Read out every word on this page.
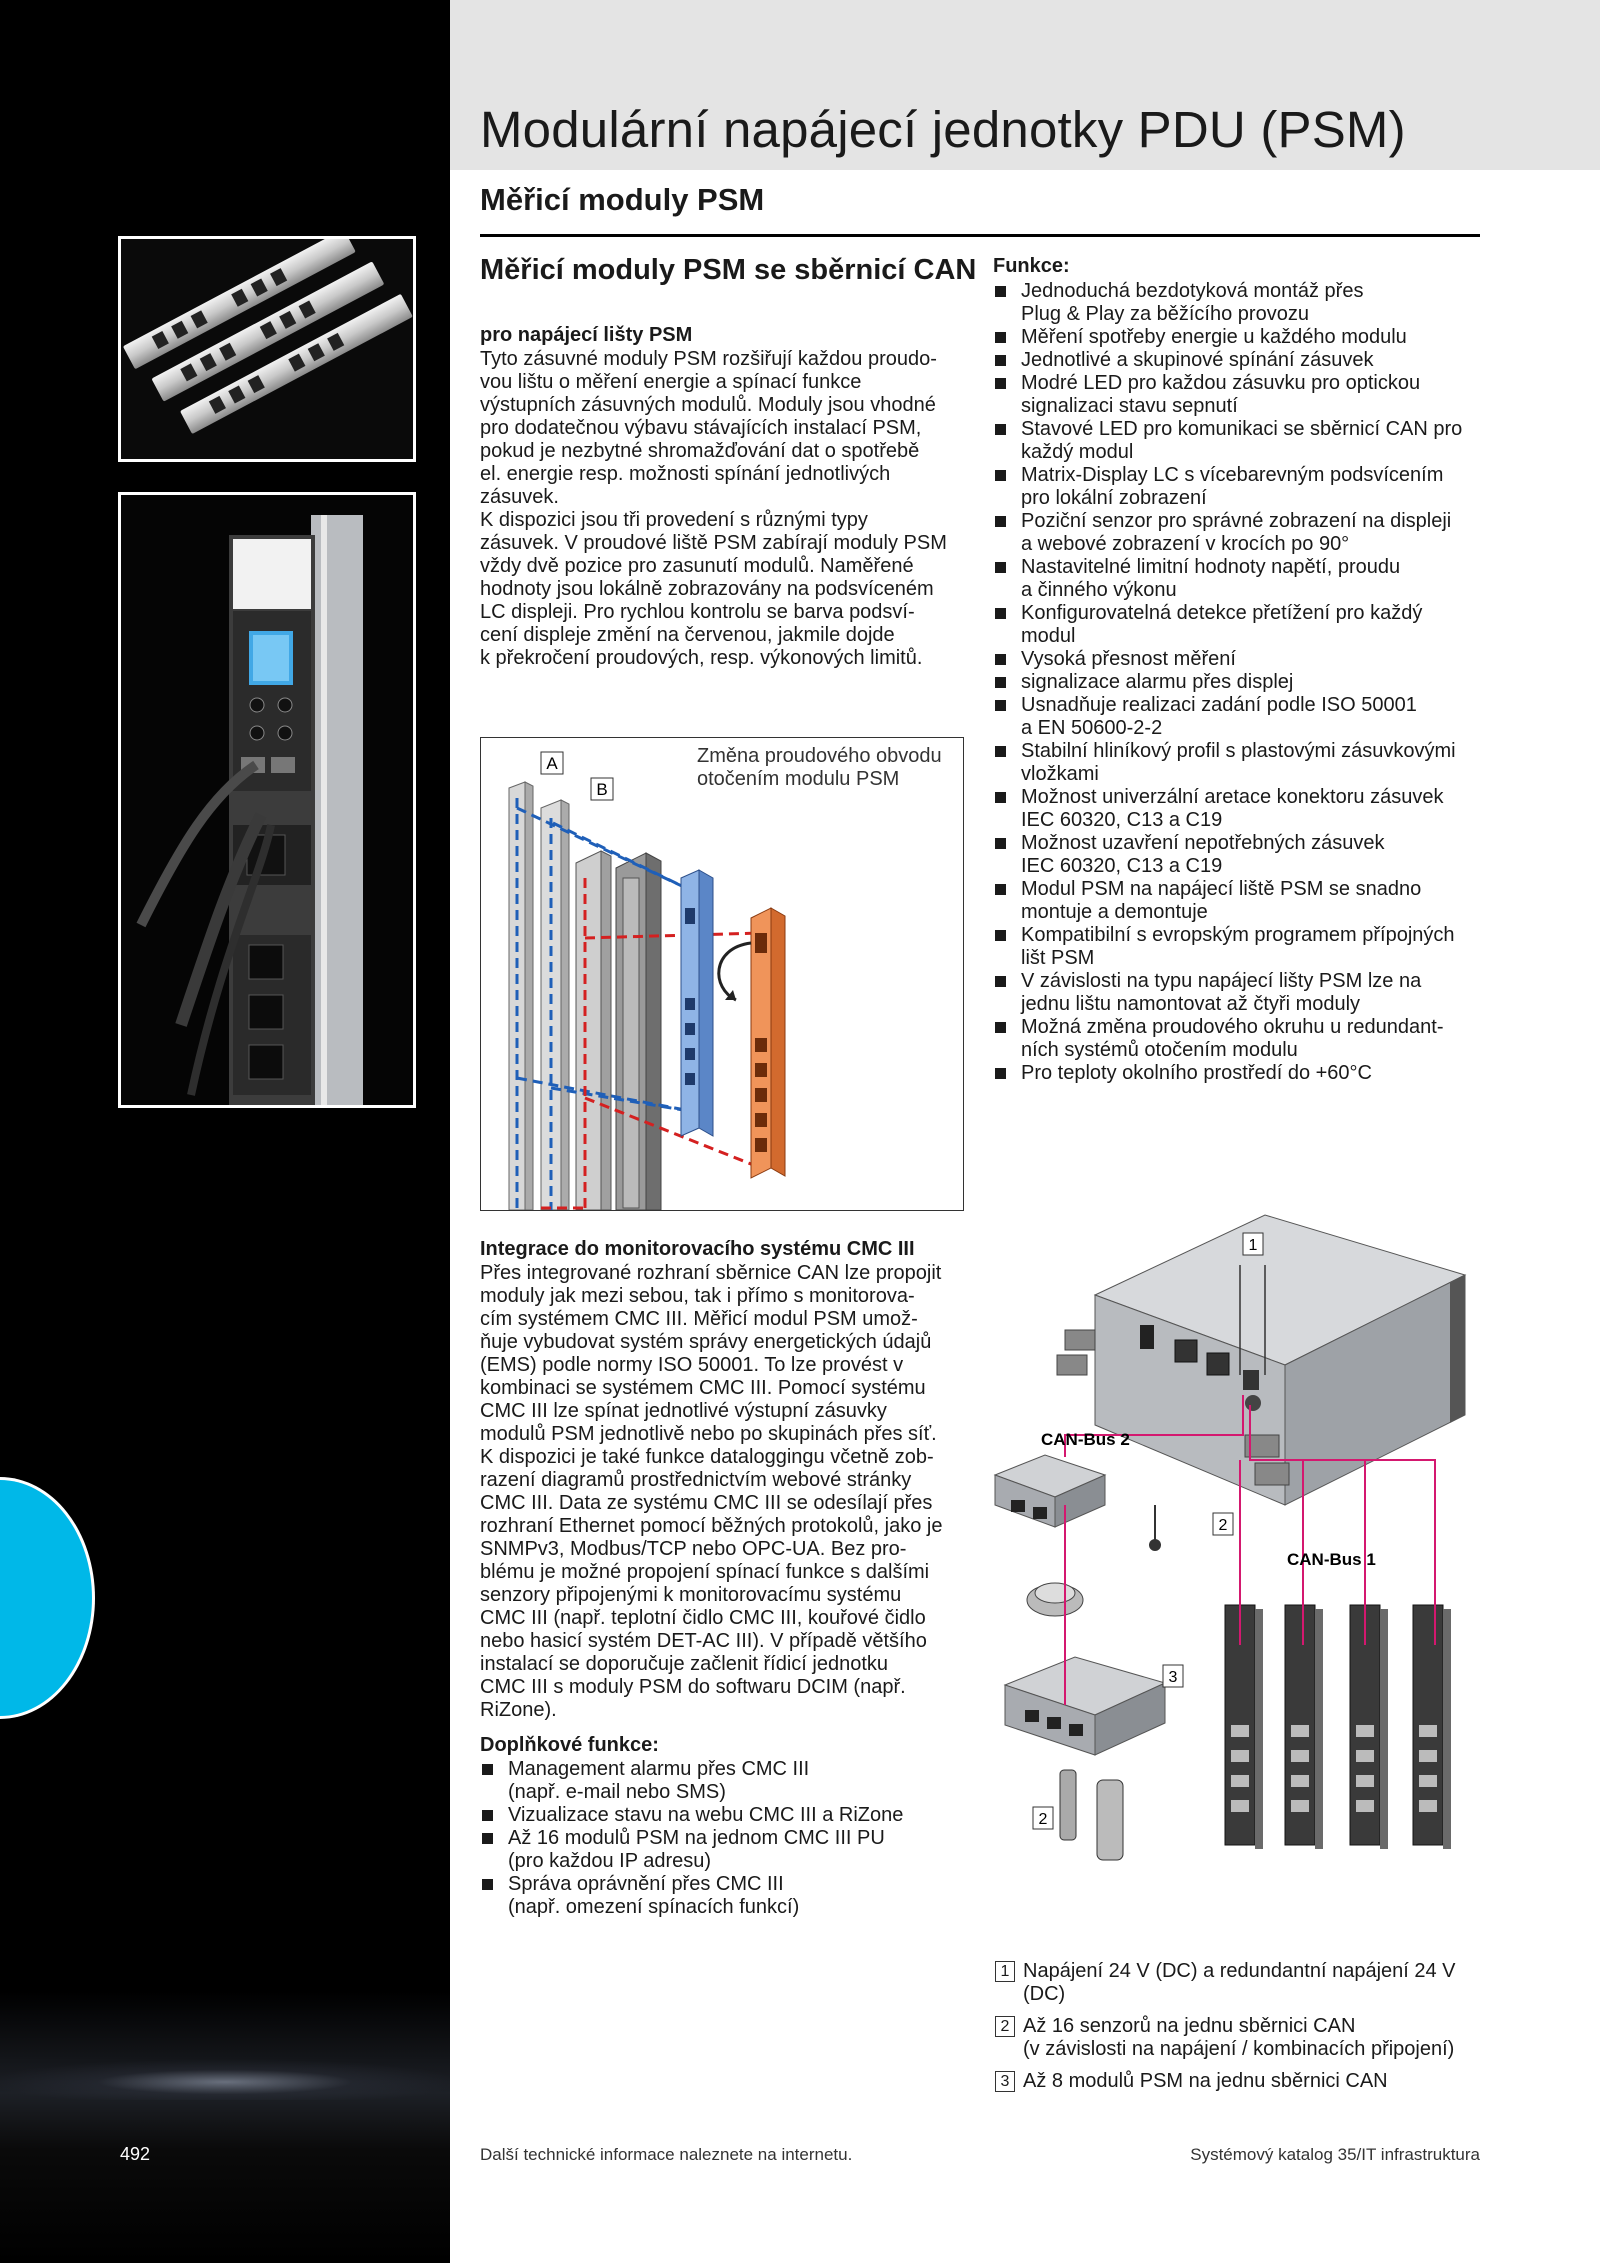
Modulární napájecí jednotky PDU (PSM)
Měřicí moduly PSM
Měřicí moduly PSM se sběrnicí CAN
pro napájecí lišty PSM
Tyto zásuvné moduly PSM rozšiřují každou proudo-
vou lištu o měření energie a spínací funkce
výstupních zásuvných modulů. Moduly jsou vhodné
pro dodatečnou výbavu stávajících instalací PSM,
pokud je nezbytné shromažďování dat o spotřebě
el. energie resp. možnosti spínání jednotlivých
zásuvek.
K dispozici jsou tři provedení s různými typy
zásuvek. V proudové liště PSM zabírají moduly PSM
vždy dvě pozice pro zasunutí modulů. Naměřené
hodnoty jsou lokálně zobrazovány na podsvíceném
LC displeji. Pro rychlou kontrolu se barva podsví-
cení displeje změní na červenou, jakmile dojde
k překročení proudových, resp. výkonových limitů.
A
B
Změna proudového obvodu otočením modulu PSM
Funkce:
Jednoduchá bezdotyková montáž přes
Plug & Play za běžícího provozu
Měření spotřeby energie u každého modulu
Jednotlivé a skupinové spínání zásuvek
Modré LED pro každou zásuvku pro optickou
signalizaci stavu sepnutí
Stavové LED pro komunikaci se sběrnicí CAN pro
každý modul
Matrix-Display LC s vícebarevným podsvícením
pro lokální zobrazení
Poziční senzor pro správné zobrazení na displeji
a webové zobrazení v krocích po 90°
Nastavitelné limitní hodnoty napětí, proudu
a činného výkonu
Konfigurovatelná detekce přetížení pro každý
modul
Vysoká přesnost měření
signalizace alarmu přes displej
Usnadňuje realizaci zadání podle ISO 50001
a EN 50600-2-2
Stabilní hliníkový profil s plastovými zásuvkovými
vložkami
Možnost univerzální aretace konektoru zásuvek
IEC 60320, C13 a C19
Možnost uzavření nepotřebných zásuvek
IEC 60320, C13 a C19
Modul PSM na napájecí liště PSM se snadno
montuje a demontuje
Kompatibilní s evropským programem přípojných
lišt PSM
V závislosti na typu napájecí lišty PSM lze na
jednu lištu namontovat až čtyři moduly
Možná změna proudového okruhu u redundant-
ních systémů otočením modulu
Pro teploty okolního prostředí do +60°C
Integrace do monitorovacího systému CMC III
Přes integrované rozhraní sběrnice CAN lze propojit
moduly jak mezi sebou, tak i přímo s monitorova-
cím systémem CMC III. Měřicí modul PSM umož-
ňuje vybudovat systém správy energetických údajů
(EMS) podle normy ISO 50001. To lze provést v
kombinaci se systémem CMC III. Pomocí systému
CMC III lze spínat jednotlivé výstupní zásuvky
modulů PSM jednotlivě nebo po skupinách přes síť.
K dispozici je také funkce dataloggingu včetně zob-
razení diagramů prostřednictvím webové stránky
CMC III. Data ze systému CMC III se odesílají přes
rozhraní Ethernet pomocí běžných protokolů, jako je
SNMPv3, Modbus/TCP nebo OPC-UA. Bez pro-
blému je možné propojení spínací funkce s dalšími
senzory připojenými k monitorovacímu systému
CMC III (např. teplotní čidlo CMC III, kouřové čidlo
nebo hasicí systém DET-AC III). V případě většího
instalací se doporučuje začlenit řídicí jednotku
CMC III s moduly PSM do softwaru DCIM (např.
RiZone).
Doplňkové funkce:
Management alarmu přes CMC III
(např. e-mail nebo SMS)
Vizualizace stavu na webu CMC III a RiZone
Až 16 modulů PSM na jednom CMC III PU
(pro každou IP adresu)
Správa oprávnění přes CMC III
(např. omezení spínacích funkcí)
1
2
3
2
CAN-Bus 2
CAN-Bus 1
1 Napájení 24 V (DC) a redundantní napájení 24 V
(DC)
2 Až 16 senzorů na jednu sběrnici CAN
(v závislosti na napájení / kombinacích připojení)
3 Až 8 modulů PSM na jednu sběrnici CAN
492	Další technické informace naleznete na internetu.	Systémový katalog 35/IT infrastruktura
